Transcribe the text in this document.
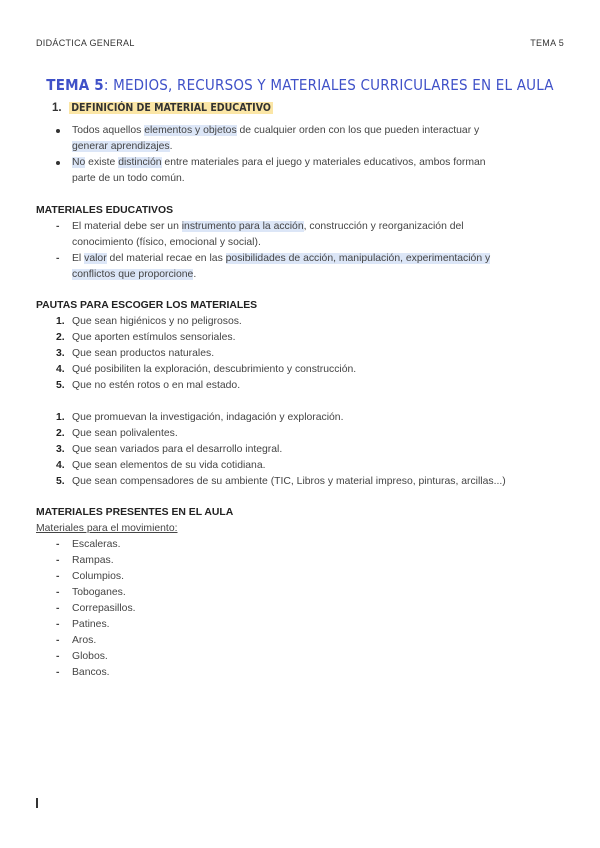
DIDÁCTICA GENERAL	TEMA 5
TEMA 5: MEDIOS, RECURSOS Y MATERIALES CURRICULARES EN EL AULA
1. DEFINICIÓN DE MATERIAL EDUCATIVO
Todos aquellos elementos y objetos de cualquier orden con los que pueden interactuar y
generar aprendizajes.
No existe distinción entre materiales para el juego y materiales educativos, ambos forman
parte de un todo común.
MATERIALES EDUCATIVOS
- El material debe ser un instrumento para la acción, construcción y reorganización del
conocimiento (físico, emocional y social).
- El valor del material recae en las posibilidades de acción, manipulación, experimentación y
conflictos que proporcione.
PAUTAS PARA ESCOGER LOS MATERIALES
1. Que sean higiénicos y no peligrosos.
2. Que aporten estímulos sensoriales.
3. Que sean productos naturales.
4. Qué posibiliten la exploración, descubrimiento y construcción.
5. Que no estén rotos o en mal estado.
1. Que promuevan la investigación, indagación y exploración.
2. Que sean polivalentes.
3. Que sean variados para el desarrollo integral.
4. Que sean elementos de su vida cotidiana.
5. Que sean compensadores de su ambiente (TIC, Libros y material impreso, pinturas, arcillas...)
MATERIALES PRESENTES EN EL AULA
Materiales para el movimiento:
- Escaleras.
- Rampas.
- Columpios.
- Toboganes.
- Correpasillos.
- Patines.
- Aros.
- Globos.
- Bancos.
